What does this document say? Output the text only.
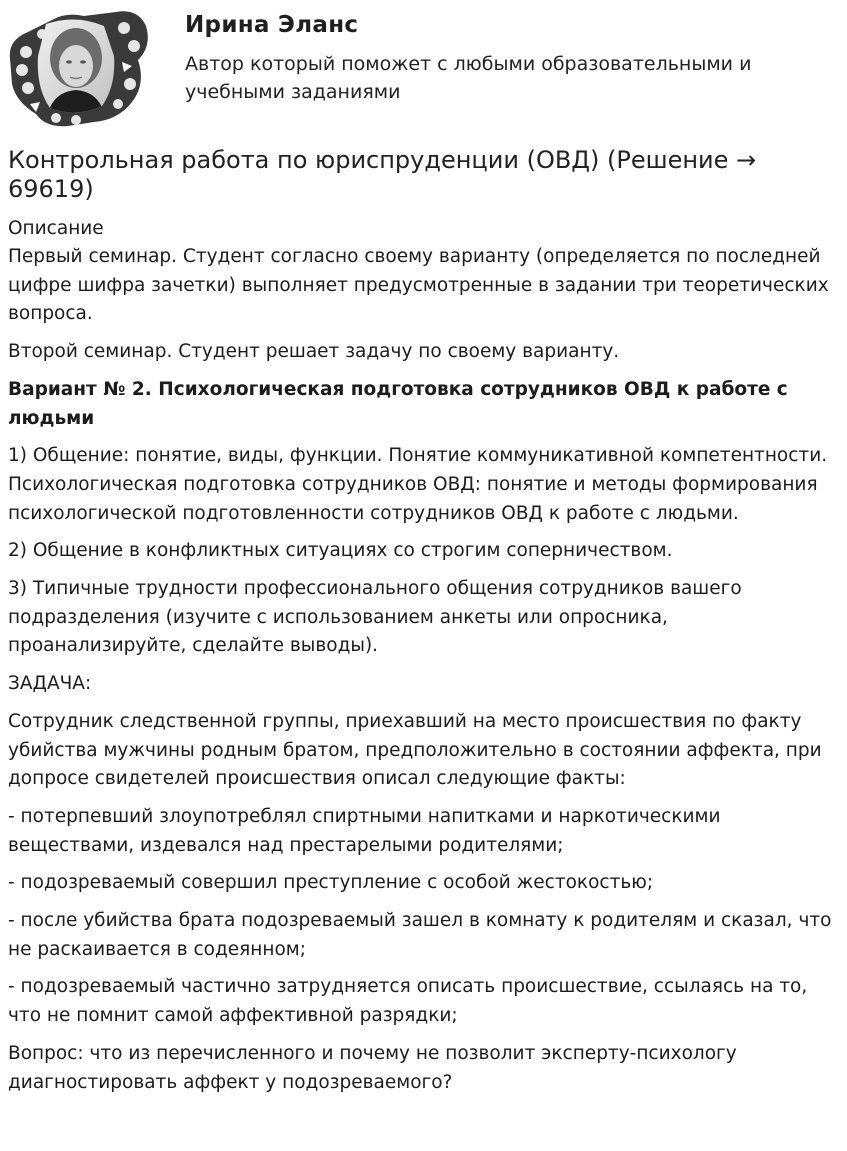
Ирина Эланс
Автор который поможет с любыми образовательными и учебными заданиями
Контрольная работа по юриспруденции (ОВД) (Решение → 69619)
Описание

Первый семинар. Студент согласно своему варианту (определяется по последней цифре шифра зачетки) выполняет предусмотренные в задании три теоретических вопроса.

Второй семинар. Студент решает задачу по своему варианту.

Вариант № 2. Психологическая подготовка сотрудников ОВД к работе с людьми

1) Общение: понятие, виды, функции. Понятие коммуникативной компетентности. Психологическая подготовка сотрудников ОВД: понятие и методы формирования психологической подготовленности сотрудников ОВД к работе с людьми.

2) Общение в конфликтных ситуациях со строгим соперничеством.

3) Типичные трудности профессионального общения сотрудников вашего подразделения (изучите с использованием анкеты или опросника, проанализируйте, сделайте выводы).

ЗАДАЧА:

Сотрудник следственной группы, приехавший на место происшествия по факту убийства мужчины родным братом, предположительно в состоянии аффекта, при допросе свидетелей происшествия описал следующие факты:

- потерпевший злоупотреблял спиртными напитками и наркотическими веществами, издевался над престарелыми родителями;

- подозреваемый совершил преступление с особой жестокостью;

- после убийства брата подозреваемый зашел в комнату к родителям и сказал, что не раскаивается в содеянном;

- подозреваемый частично затрудняется описать происшествие, ссылаясь на то, что не помнит самой аффективной разрядки;

Вопрос: что из перечисленного и почему не позволит эксперту-психологу диагностировать аффект у подозреваемого?
